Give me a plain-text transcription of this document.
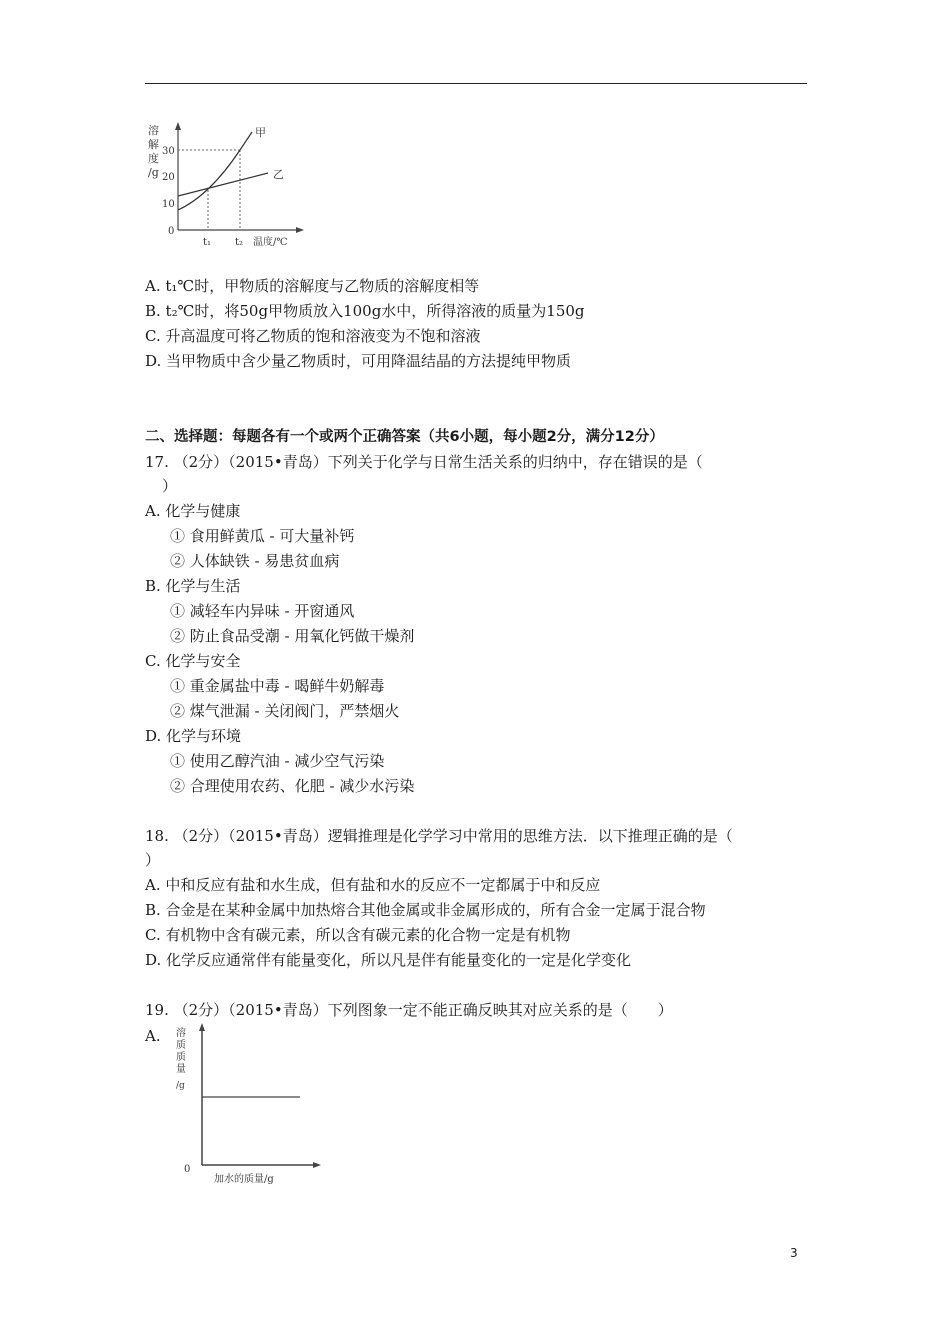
溶
解
度
/g
30
20
10
0
甲
乙
t₁ t₂ 温度/℃
A. t₁℃时，甲物质的溶解度与乙物质的溶解度相等
B. t₂℃时，将50g甲物质放入100g水中，所得溶液的质量为150g
C. 升高温度可将乙物质的饱和溶液变为不饱和溶液
D. 当甲物质中含少量乙物质时，可用降温结晶的方法提纯甲物质
二、选择题：每题各有一个或两个正确答案（共6小题，每小题2分，满分12分）
17. （2分）（2015•青岛）下列关于化学与日常生活关系的归纳中，存在错误的是（
）
A. 化学与健康
① 食用鲜黄瓜 - 可大量补钙
② 人体缺铁 - 易患贫血病
B. 化学与生活
① 减轻车内异味 - 开窗通风
② 防止食品受潮 - 用氧化钙做干燥剂
C. 化学与安全
① 重金属盐中毒 - 喝鲜牛奶解毒
② 煤气泄漏 - 关闭阀门，严禁烟火
D. 化学与环境
① 使用乙醇汽油 - 减少空气污染
② 合理使用农药、化肥 - 减少水污染
18. （2分）（2015•青岛）逻辑推理是化学学习中常用的思维方法．以下推理正确的是（
）
A. 中和反应有盐和水生成，但有盐和水的反应不一定都属于中和反应
B. 合金是在某种金属中加热熔合其他金属或非金属形成的，所有合金一定属于混合物
C. 有机物中含有碳元素，所以含有碳元素的化合物一定是有机物
D. 化学反应通常伴有能量变化，所以凡是伴有能量变化的一定是化学变化
19. （2分）（2015•青岛）下列图象一定不能正确反映其对应关系的是（　　）
A. 溶
质
质
量
/g
0
加水的质量/g
3
